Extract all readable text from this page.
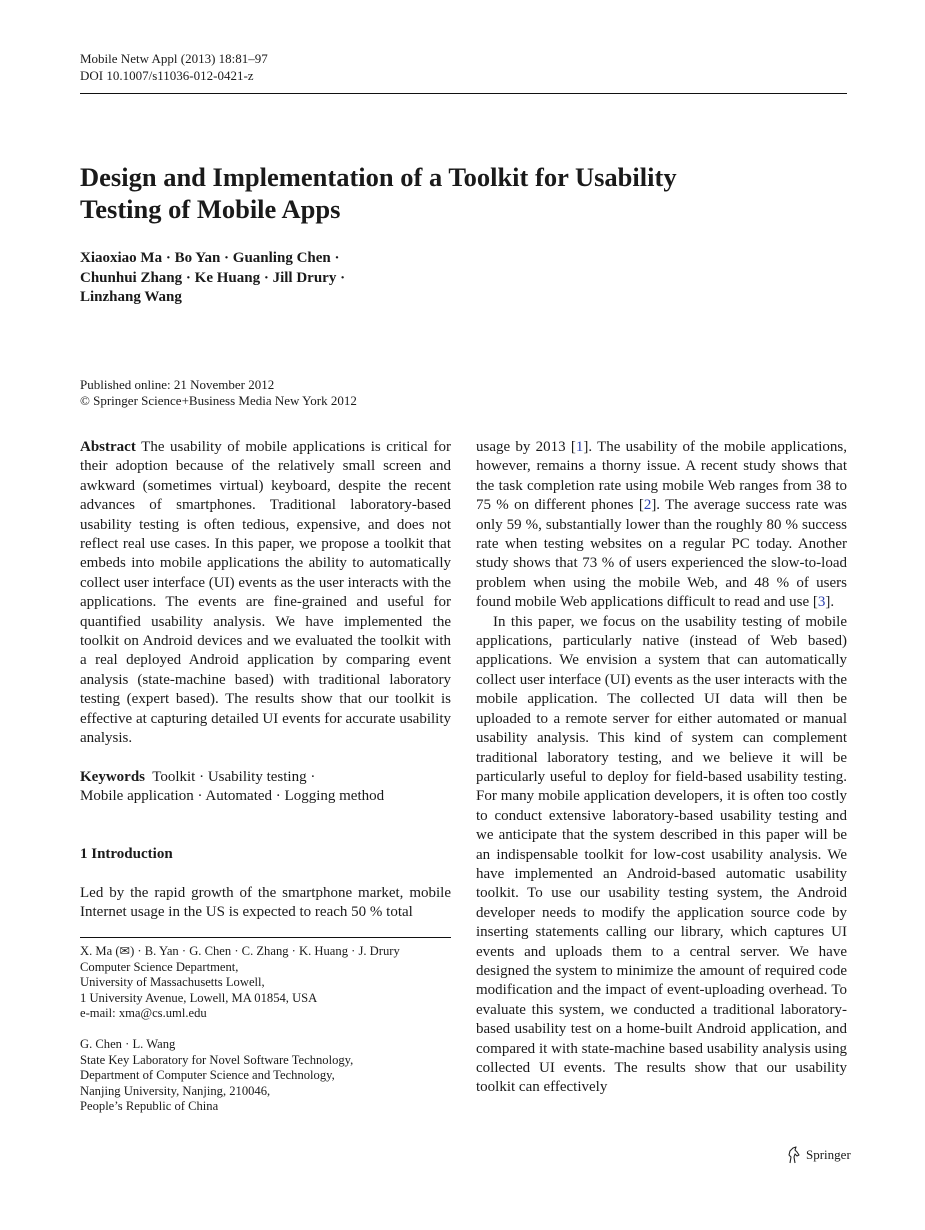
Mobile Netw Appl (2013) 18:81–97
DOI 10.1007/s11036-012-0421-z
Design and Implementation of a Toolkit for Usability
Testing of Mobile Apps
Xiaoxiao Ma · Bo Yan · Guanling Chen ·
Chunhui Zhang · Ke Huang · Jill Drury ·
Linzhang Wang
Published online: 21 November 2012
© Springer Science+Business Media New York 2012

Abstract The usability of mobile applications is critical for their adoption because of the relatively small screen and awkward (sometimes virtual) keyboard, despite the recent advances of smartphones. Traditional laboratory-based usability testing is often tedious, expensive, and does not reflect real use cases. In this paper, we propose a toolkit that embeds into mobile applications the ability to automatically collect user interface (UI) events as the user interacts with the applications. The events are fine-grained and useful for quantified usability analysis. We have implemented the toolkit on Android devices and we evaluated the toolkit with a real deployed Android application by comparing event analysis (state-machine based) with traditional laboratory testing (expert based). The results show that our toolkit is effective at capturing detailed UI events for accurate usability analysis.

Keywords Toolkit · Usability testing ·
Mobile application · Automated · Logging method

1 Introduction

Led by the rapid growth of the smartphone market, mobile Internet usage in the US is expected to reach 50 % total

X. Ma (✉) · B. Yan · G. Chen · C. Zhang · K. Huang · J. Drury
Computer Science Department,
University of Massachusetts Lowell,
1 University Avenue, Lowell, MA 01854, USA
e-mail: xma@cs.uml.edu
G. Chen · L. Wang
State Key Laboratory for Novel Software Technology,
Department of Computer Science and Technology,
Nanjing University, Nanjing, 210046,
People’s Republic of China

usage by 2013 [1]. The usability of the mobile applications, however, remains a thorny issue. A recent study shows that the task completion rate using mobile Web ranges from 38 to 75 % on different phones [2]. The average success rate was only 59 %, substantially lower than the roughly 80 % success rate when testing websites on a regular PC today. Another study shows that 73 % of users experienced the slow-to-load problem when using the mobile Web, and 48 % of users found mobile Web applications difficult to read and use [3].

In this paper, we focus on the usability testing of mobile applications, particularly native (instead of Web based) applications. We envision a system that can automatically collect user interface (UI) events as the user interacts with the mobile application. The collected UI data will then be uploaded to a remote server for either automated or manual usability analysis. This kind of system can complement traditional laboratory testing, and we believe it will be particularly useful to deploy for field-based usability testing. For many mobile application developers, it is often too costly to conduct extensive laboratory-based usability testing and we anticipate that the system described in this paper will be an indispensable toolkit for low-cost usability analysis. We have implemented an Android-based automatic usability toolkit. To use our usability testing system, the Android developer needs to modify the application source code by inserting statements calling our library, which captures UI events and uploads them to a central server. We have designed the system to minimize the amount of required code modification and the impact of event-uploading overhead. To evaluate this system, we conducted a traditional laboratory-based usability test on a home-built Android application, and compared it with state-machine based usability analysis using collected UI events. The results show that our usability toolkit can effectively

Springer
